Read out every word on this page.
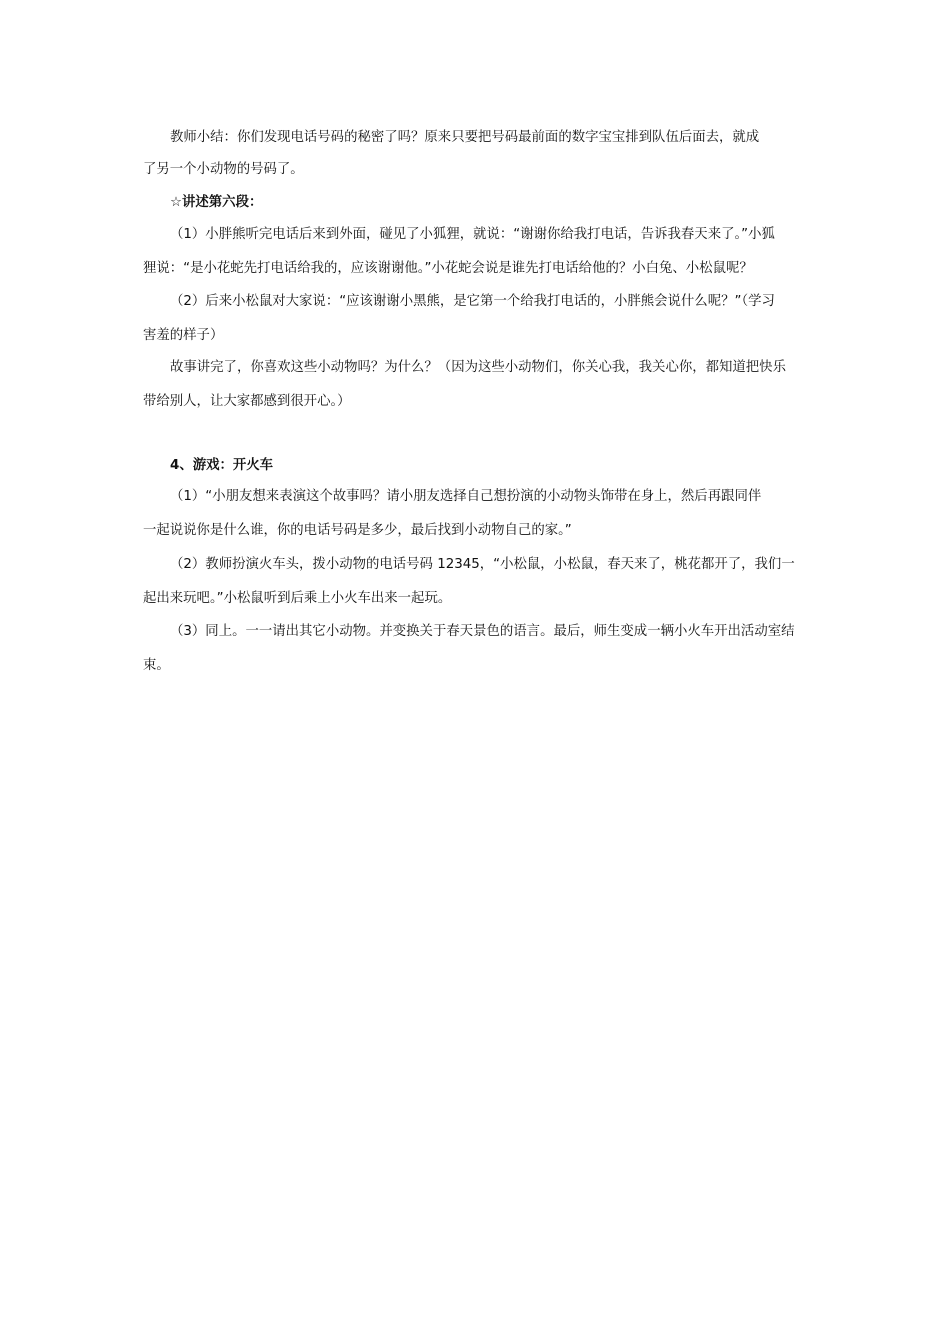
教师小结：你们发现电话号码的秘密了吗？原来只要把号码最前面的数字宝宝排到队伍后面去，就成
了另一个小动物的号码了。
☆讲述第六段：
（1）小胖熊听完电话后来到外面，碰见了小狐狸，就说：“谢谢你给我打电话，告诉我春天来了。”小狐
狸说：“是小花蛇先打电话给我的，应该谢谢他。”小花蛇会说是谁先打电话给他的？小白兔、小松鼠呢？
（2）后来小松鼠对大家说：“应该谢谢小黑熊，是它第一个给我打电话的，小胖熊会说什么呢？”（学习
害羞的样子）
故事讲完了，你喜欢这些小动物吗？为什么？（因为这些小动物们，你关心我，我关心你，都知道把快乐
带给别人，让大家都感到很开心。）
4、游戏：开火车
（1）“小朋友想来表演这个故事吗？请小朋友选择自己想扮演的小动物头饰带在身上，然后再跟同伴
一起说说你是什么谁，你的电话号码是多少，最后找到小动物自己的家。”
（2）教师扮演火车头，拨小动物的电话号码 12345，“小松鼠，小松鼠，春天来了，桃花都开了，我们一
起出来玩吧。”小松鼠听到后乘上小火车出来一起玩。
（3）同上。一一请出其它小动物。并变换关于春天景色的语言。最后，师生变成一辆小火车开出活动室结
束。
